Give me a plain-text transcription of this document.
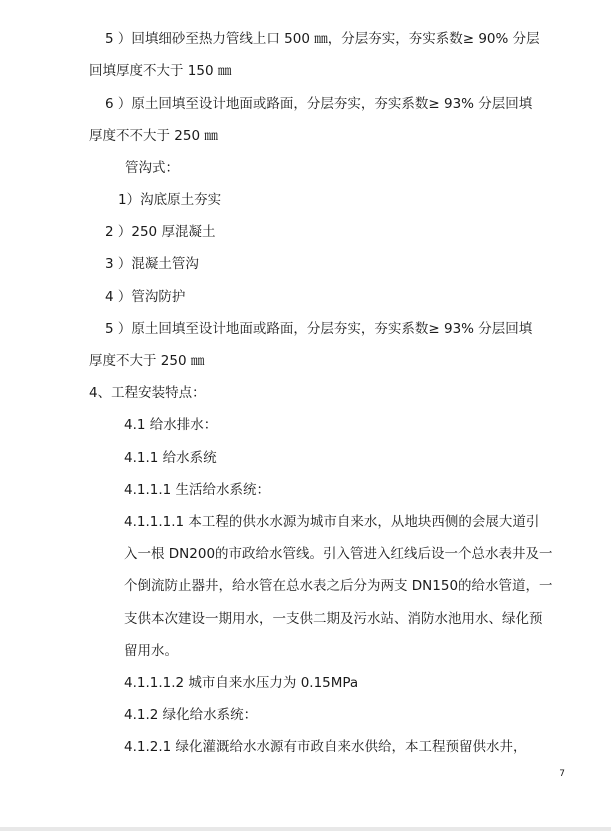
5 ）回填细砂至热力管线上口 500 ㎜，分层夯实，夯实系数≥ 90% 分层
回填厚度不大于 150 ㎜
6 ）原土回填至设计地面或路面，分层夯实，夯实系数≥ 93% 分层回填
厚度不不大于 250 ㎜
管沟式：
1）沟底原土夯实
2 ）250 厚混凝土
3 ）混凝土管沟
4 ）管沟防护
5 ）原土回填至设计地面或路面，分层夯实，夯实系数≥ 93% 分层回填
厚度不大于 250 ㎜
4、工程安装特点：
4.1 给水排水：
4.1.1 给水系统
4.1.1.1 生活给水系统：
4.1.1.1.1 本工程的供水水源为城市自来水，从地块西侧的会展大道引
入一根 DN200的市政给水管线。引入管进入红线后设一个总水表井及一
个倒流防止器井，给水管在总水表之后分为两支 DN150的给水管道，一
支供本次建设一期用水，一支供二期及污水站、消防水池用水、绿化预
留用水。
4.1.1.1.2 城市自来水压力为 0.15MPa
4.1.2 绿化给水系统：
4.1.2.1 绿化灌溉给水水源有市政自来水供给，本工程预留供水井，
7
